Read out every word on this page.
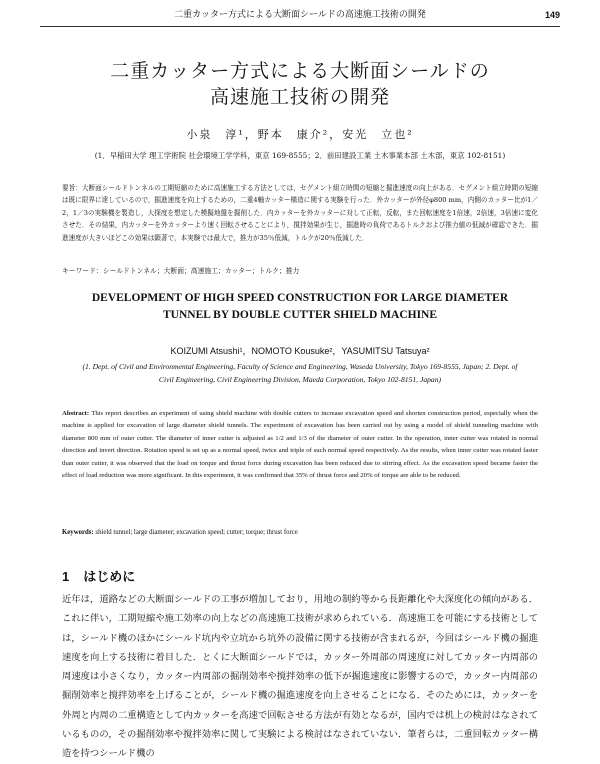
二重カッター方式による大断面シールドの高速施工技術の開発	149
二重カッター方式による大断面シールドの
高速施工技術の開発
小泉　淳¹，野本　康介²，安光　立也²
(1．早稲田大学 理工学術院 社会環境工学学科，東京 169-8555；2．前田建設工業 土木事業本部 土木部，東京 102-8151)
要旨：大断面シールドトンネルの工期短縮のために高速施工する方法としては，セグメント組立時間の短縮と掘進速度の向上がある．セグメント組立時間の短縮は既に限界に達しているので，掘進速度を向上するための，二重4軸カッター構造に関する実験を行った．外カッターが外径φ800 mm，内側のカッター比が1／2，1／3の実験機を製造し，大探度を想定した模擬地盤を掘削した．内カッターを外カッターに対して正転，反転，また回転速度を1倍速，2倍速，3倍速に変化させた．その結果，内カッターを外カッターより速く回転させることにより，撹拌効果が生じ，掘進時の負荷であるトルクおよび推力値の低減が確認できた．掘進速度が大きいほどこの効果は顕著で，本実験では最大で，推力が35％低減，トルクが20％低減した．
キーワード：シールドトンネル；大断面；高速施工；カッター；トルク；推力
DEVELOPMENT OF HIGH SPEED CONSTRUCTION FOR LARGE DIAMETER
TUNNEL BY DOUBLE CUTTER SHIELD MACHINE
KOIZUMI Atsushi¹，NOMOTO Kousuke²，YASUMITSU Tatsuya²
(1. Dept. of Civil and Environmental Engineering, Faculty of Science and Engineering, Waseda University, Tokyo 169-8555, Japan; 2. Dept. of Civil Engineering, Civil Engineering Division, Maeda Corporation, Tokyo 102-8151, Japan)
Abstract: This report describes an experiment of using shield machine with double cutters to increase excavation speed and shorten construction period, especially when the machine is applied for excavation of large diameter shield tunnels. The experiment of excavation has been carried out by using a model of shield tunneling machine with diameter 800 mm of outer cutter. The diameter of inner cutter is adjusted as 1/2 and 1/3 of the diameter of outer cutter. In the operation, inner cutter was rotated in normal direction and invert direction. Rotation speed is set up as a normal speed, twice and triple of such normal speed respectively. As the results, when inner cutter was rotated faster than outer cutter, it was observed that the load on torque and thrust force during excavation has been reduced due to stirring effect. As the excavation speed became faster the effect of load reduction was more significant. In this experiment, it was confirmed that 35% of thrust force and 20% of torque are able to be reduced.
Keywords: shield tunnel; large diameter; excavation speed; cutter; torque; thrust force
1 はじめに
近年は，道路などの大断面シールドの工事が増加しており，用地の制約等から長距離化や大深度化の傾向がある．これに伴い，工期短縮や施工効率の向上などの高速施工技術が求められている．高速施工を可能にする技術としては，シールド機のほかにシールド坑内や立坑から坑外の設備に関する技術が含まれるが，今回はシールド機の掘進速度を向上する技術に着目した．とくに大断面シールドでは，カッター外周部の周速度に対してカッター内周部の周速度は小さくなり，カッター内周部の掘削効率や撹拌効率の低下が掘進速度に影響するので，カッター内周部の掘削効率と撹拌効率を上げることが，シールド機の掘進速度を向上させることになる．そのためには，カッターを外周と内周の二重構造として内カッターを高速で回転させる方法が有効となるが，国内では机上の検討はなされているものの，その掘削効率や撹拌効率に関して実験による検討はなされていない．筆者らは，二重回転カッター構造を持つシールド機の
